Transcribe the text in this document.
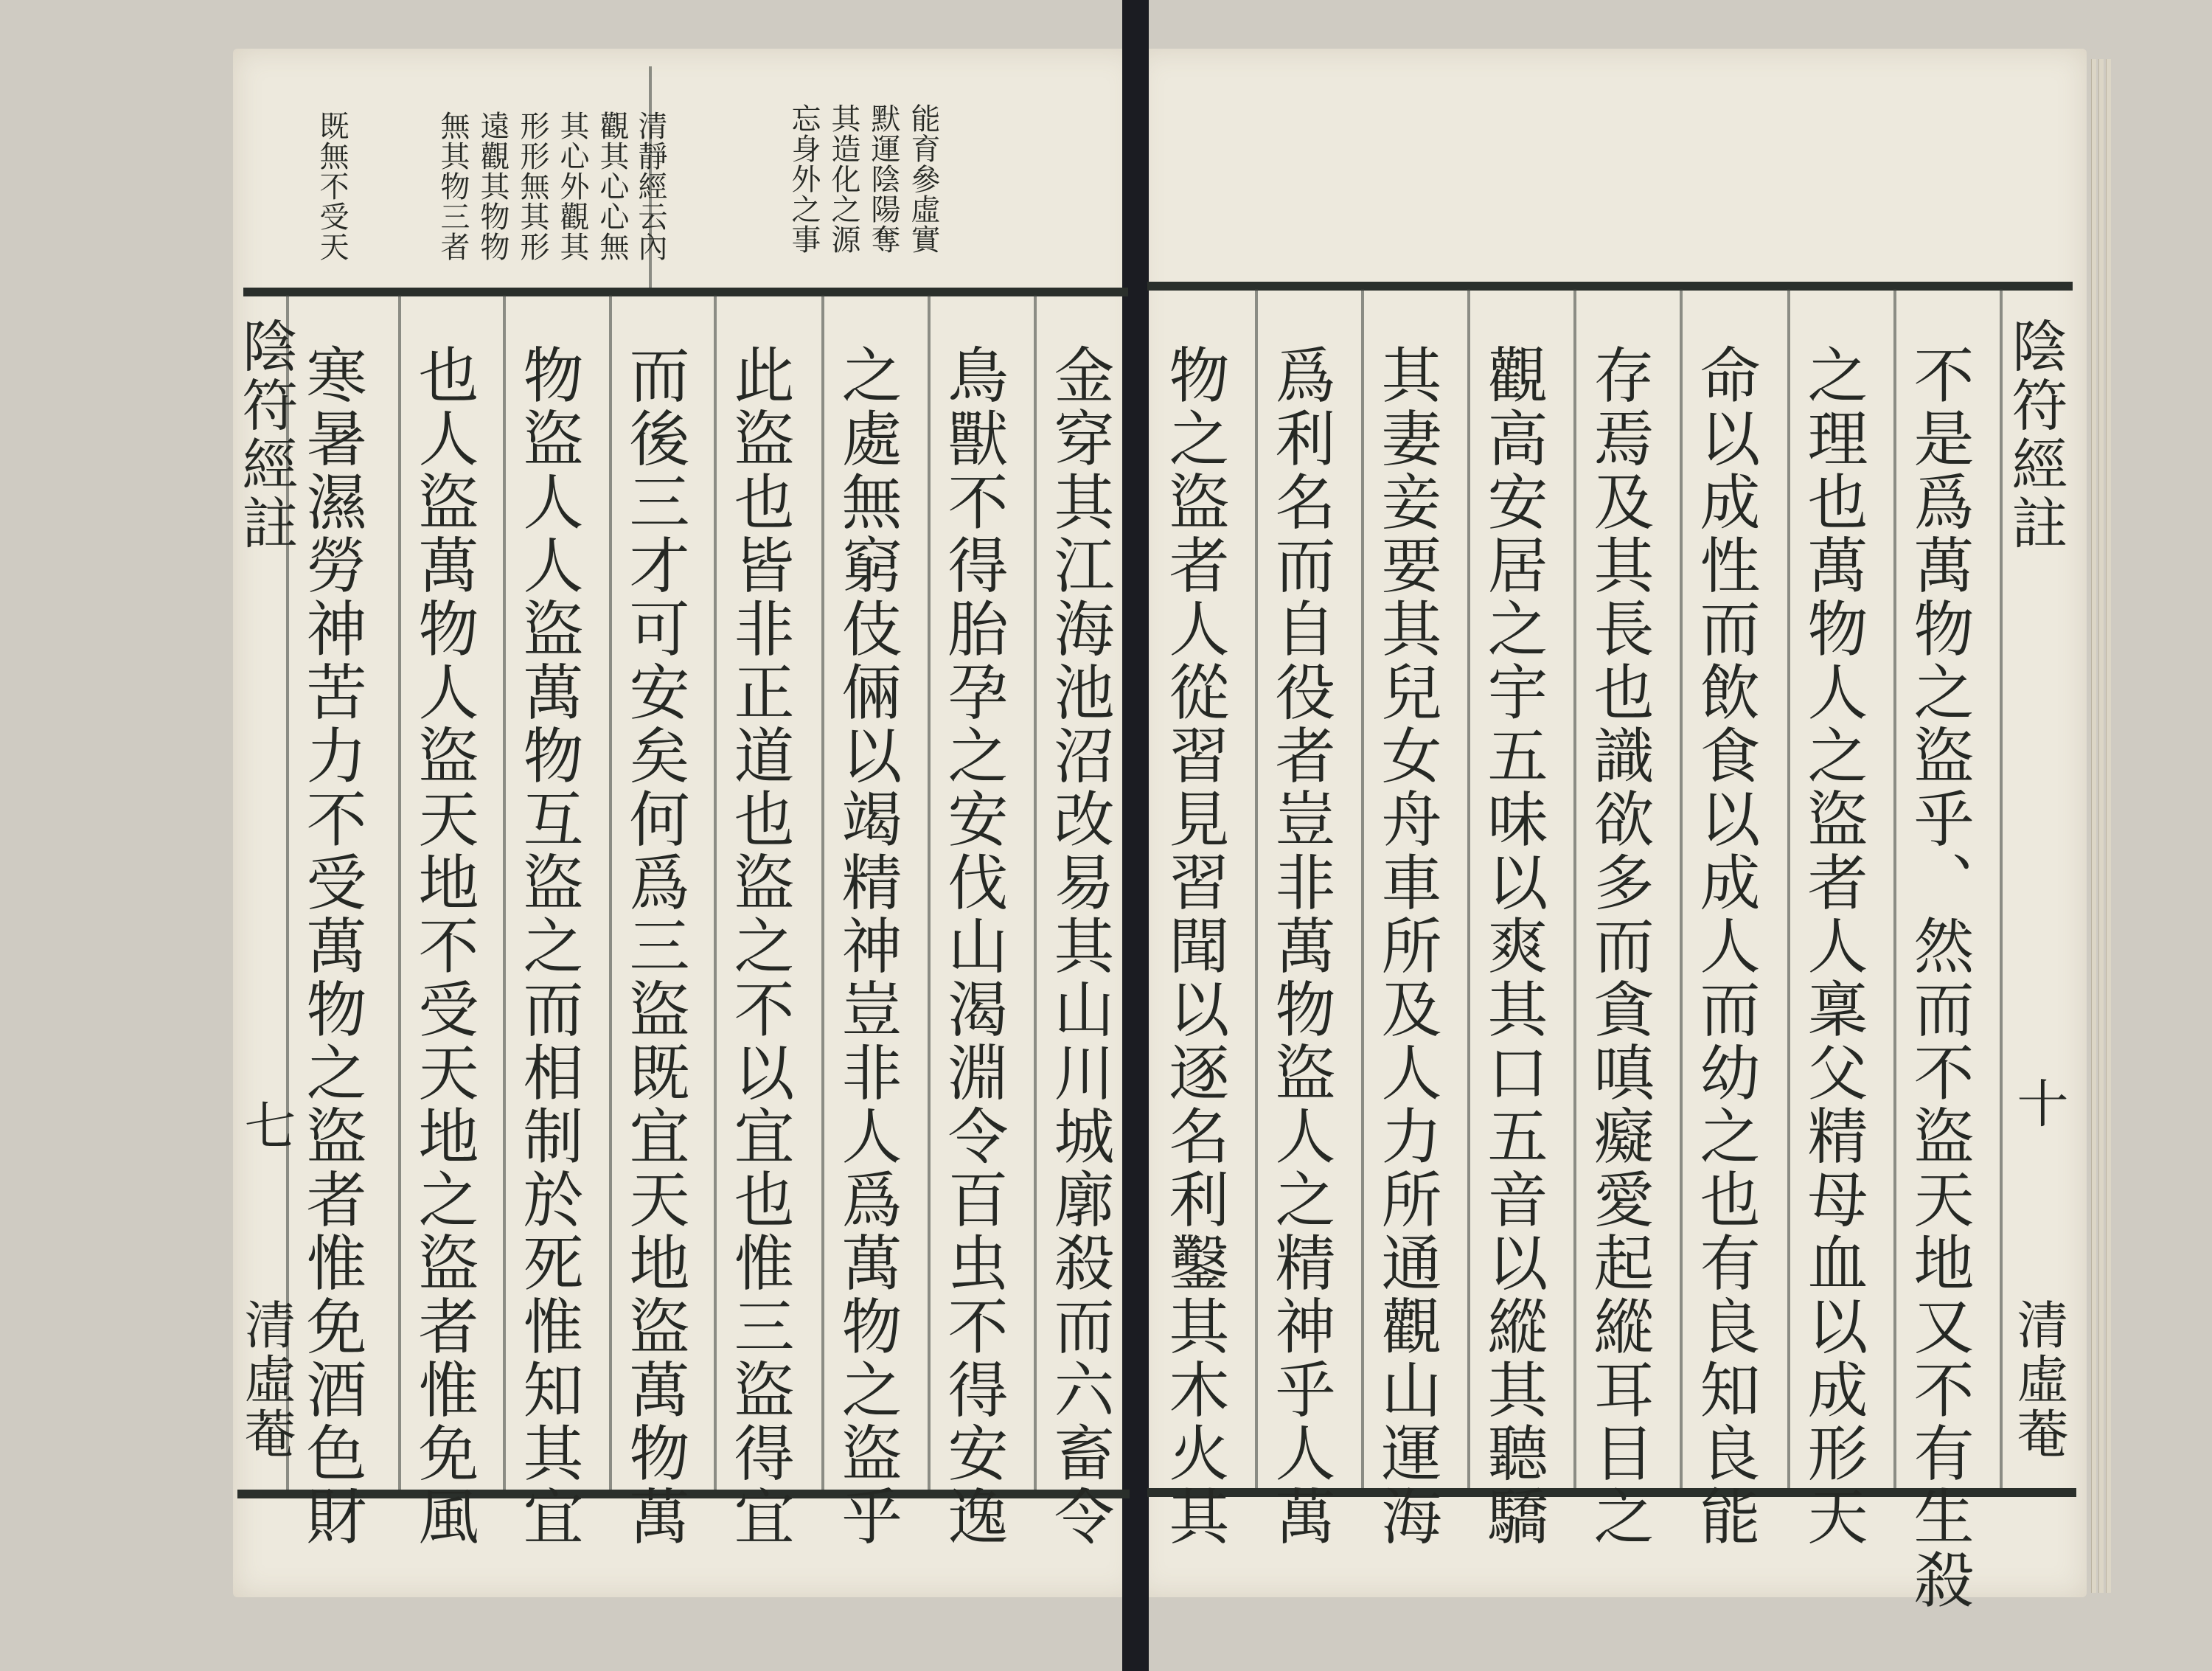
陰符經註
十
清虛菴
不是爲萬物之盜乎、然而不盜天地又不有生殺
之理也萬物人之盜者人稟父精母血以成形天
命以成性而飲食以成人而幼之也有良知良能
存焉及其長也識欲多而貪嗔癡愛起縱耳目之
觀高安居之宇五味以爽其口五音以縱其聽驕
其妻妾要其兒女舟車所及人力所通觀山運海
爲利名而自役者豈非萬物盜人之精神乎人萬
物之盜者人從習見習聞以逐名利鑿其木火其
金穿其江海池沼改易其山川城廓殺而六畜令
鳥獸不得胎孕之安伐山渴淵令百虫不得安逸
之處無窮伎倆以竭精神豈非人爲萬物之盜乎
此盜也皆非正道也盜之不以宜也惟三盜得宜
而後三才可安矣何爲三盜既宜天地盜萬物萬
物盜人人盜萬物互盜之而相制於死惟知其宜
也人盜萬物人盜天地不受天地之盜者惟免風
寒暑濕勞神苦力不受萬物之盜者惟免酒色財
陰符經註
七
清虛菴
能育參虛實
默運陰陽奪
其造化之源
忘身外之事
清靜經云內
觀其心心無
其心外觀其
形形無其形
遠觀其物物
無其物三者
既無不受天
